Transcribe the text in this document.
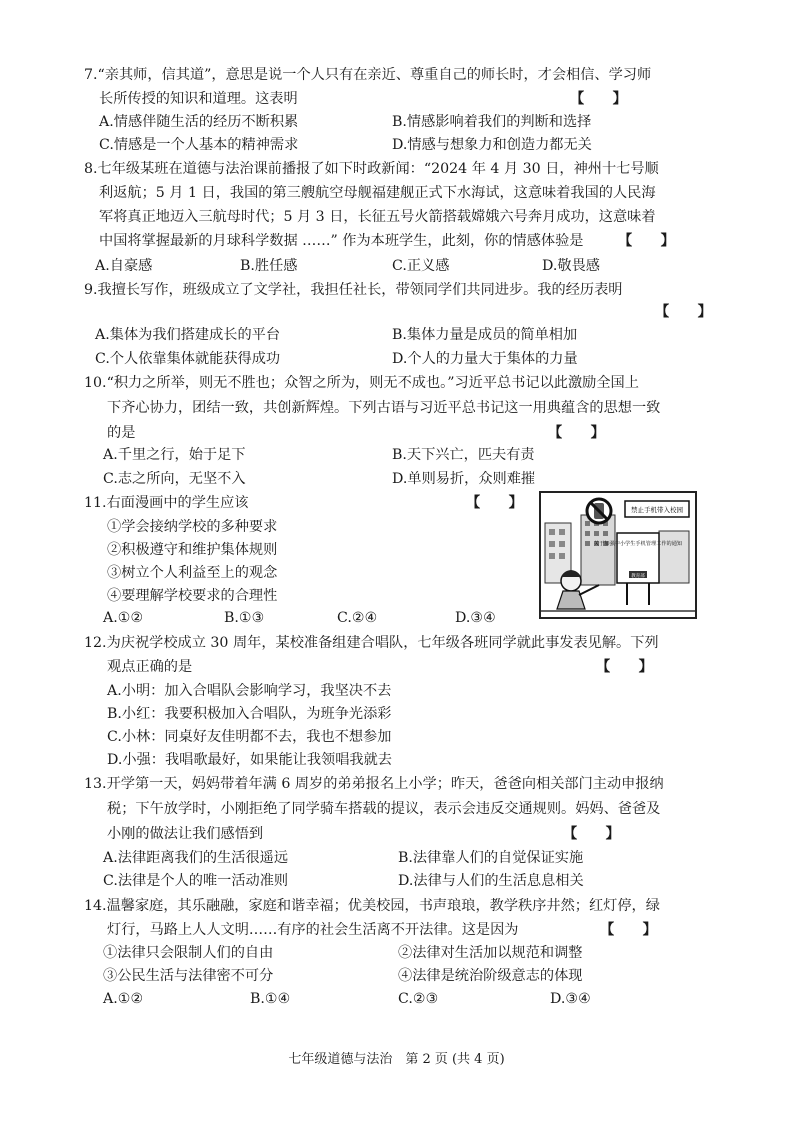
7.“亲其师，信其道”，意思是说一个人只有在亲近、尊重自己的师长时，才会相信、学习师
长所传授的知识和道理。这表明	【　　】
A.情感伴随生活的经历不断积累	B.情感影响着我们的判断和选择
C.情感是一个人基本的精神需求	D.情感与想象力和创造力都无关
8.七年级某班在道德与法治课前播报了如下时政新闻：“2024 年 4 月 30 日，神州十七号顺
利返航；5 月 1 日，我国的第三艘航空母舰福建舰正式下水海试，这意味着我国的人民海
军将真正地迈入三航母时代；5 月 3 日，长征五号火箭搭载嫦娥六号奔月成功，这意味着
中国将掌握最新的月球科学数据 ……” 作为本班学生，此刻，你的情感体验是 【　　】
A.自豪感	B.胜任感	C.正义感	D.敬畏感
9.我擅长写作，班级成立了文学社，我担任社长，带领同学们共同进步。我的经历表明
【　　】
A.集体为我们搭建成长的平台	B.集体力量是成员的简单相加
C.个人依靠集体就能获得成功	D.个人的力量大于集体的力量
10.“积力之所举，则无不胜也；众智之所为，则无不成也。”习近平总书记以此激励全国上
下齐心协力，团结一致，共创新辉煌。下列古语与习近平总书记这一用典蕴含的思想一致
的是	【　　】
A.千里之行，始于足下	B.天下兴亡，匹夫有责
C.志之所向，无坚不入	D.单则易折，众则难摧
11.右面漫画中的学生应该	【　　】
①学会接纳学校的多种要求
②积极遵守和维护集体规则
③树立个人利益至上的观念
④要理解学校要求的合理性
A.①②	B.①③	C.②④	D.③④
禁止手机带入校园
关于加强中小学生手机管理工作的通知
教育部
12.为庆祝学校成立 30 周年，某校准备组建合唱队，七年级各班同学就此事发表见解。下列
观点正确的是	【　　】
A.小明：加入合唱队会影响学习，我坚决不去
B.小红：我要积极加入合唱队，为班争光添彩
C.小林：同桌好友佳明都不去，我也不想参加
D.小强：我唱歌最好，如果能让我领唱我就去
13.开学第一天，妈妈带着年满 6 周岁的弟弟报名上小学；昨天，爸爸向相关部门主动申报纳
税；下午放学时，小刚拒绝了同学骑车搭载的提议，表示会违反交通规则。妈妈、爸爸及
小刚的做法让我们感悟到	【　　】
A.法律距离我们的生活很遥远	B.法律靠人们的自觉保证实施
C.法律是个人的唯一活动准则	D.法律与人们的生活息息相关
14.温馨家庭，其乐融融，家庭和谐幸福；优美校园，书声琅琅，教学秩序井然；红灯停，绿
灯行，马路上人人文明……有序的社会生活离不开法律。这是因为	【　　】
①法律只会限制人们的自由	②法律对生活加以规范和调整
③公民生活与法律密不可分	④法律是统治阶级意志的体现
A.①②	B.①④	C.②③	D.③④
七年级道德与法治　第 2 页 (共 4 页)
